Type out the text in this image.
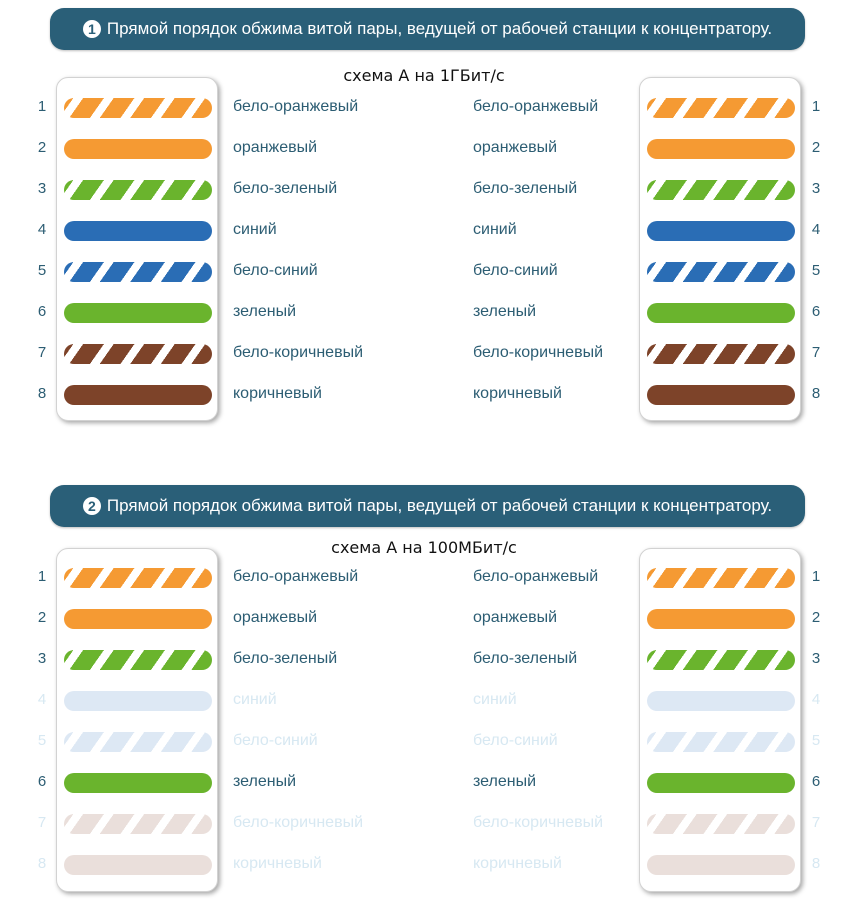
1 Прямой порядок обжима витой пары, ведущей от рабочей станции к концентратору.
схема А на 1ГБит/с
1
2
3
4
5
6
7
8
бело-оранжевый
оранжевый
бело-зеленый
синий
бело-синий
зеленый
бело-коричневый
коричневый
бело-оранжевый
оранжевый
бело-зеленый
синий
бело-синий
зеленый
бело-коричневый
коричневый
1
2
3
4
5
6
7
8
2 Прямой порядок обжима витой пары, ведущей от рабочей станции к концентратору.
схема А на 100МБит/с
1
2
3
4
5
6
7
8
бело-оранжевый
оранжевый
бело-зеленый
синий
бело-синий
зеленый
бело-коричневый
коричневый
бело-оранжевый
оранжевый
бело-зеленый
синий
бело-синий
зеленый
бело-коричневый
коричневый
1
2
3
4
5
6
7
8
